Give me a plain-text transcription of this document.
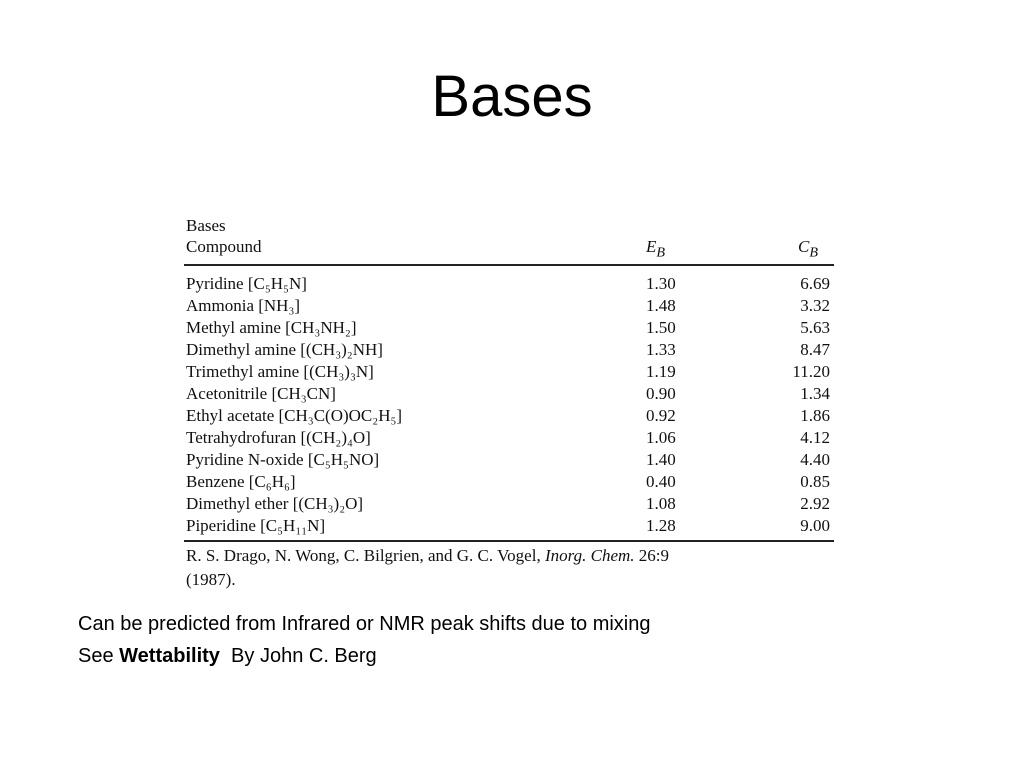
Bases
Bases
Compound	$E_B$	$C_B$
Pyridine [C₅H₅N]	1.30	6.69
Ammonia [NH₃]	1.48	3.32
Methyl amine [CH₃NH₂]	1.50	5.63
Dimethyl amine [(CH₃)₂NH]	1.33	8.47
Trimethyl amine [(CH₃)₃N]	1.19	11.20
Acetonitrile [CH₃CN]	0.90	1.34
Ethyl acetate [CH₃C(O)OC₂H₅]	0.92	1.86
Tetrahydrofuran [(CH₂)₄O]	1.06	4.12
Pyridine N-oxide [C₅H₅NO]	1.40	4.40
Benzene [C₆H₆]	0.40	0.85
Dimethyl ether [(CH₃)₂O]	1.08	2.92
Piperidine [C₅H₁₁N]	1.28	9.00
R. S. Drago, N. Wong, C. Bilgrien, and G. C. Vogel, Inorg. Chem. 26:9
(1987).
Can be predicted from Infrared or NMR peak shifts due to mixing
See Wettability By John C. Berg
